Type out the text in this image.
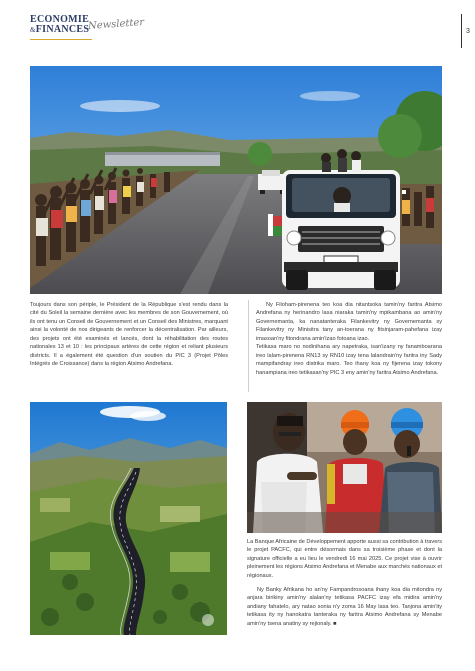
ECONOMIE
&FINANCES
Newsletter	3
Toujours dans son périple, le Président de la République s'est rendu dans la cité du Soleil la semaine dernière avec les membres de son Gouvernement, où ils ont tenu un Conseil de Gouvernement et un Conseil des Ministres, marquant ainsi la volonté de nos dirigeants de renforcer la décentralisation. Par ailleurs, des projets ont été examinés et lancés, dont la réhabilitation des routes nationales 13 et 10 : les principaux artères de cette région et reliant plusieurs districts. Il a également été question d'un soutien du PIC 3 (Projet Pôles Intégrés de Croissance) dans la région Atsimo Andrefana.
Ny Filoham-pirenena teo koa dia nitantsoka tamin'ny faritra Atsimo Andrefana ny herinandro lasa niaraka tamin'ny mpikambana ao amin'ny Governemanta, ka nanatanteraka Filankevitry ny Governemanta sy Filankevitry ny Minisitra tany an-toerana ny fitsinjaram-pahefana izay imasoan'ny fitondrana amin'izao fotoana izao.
Tetikasa maro no nodinihana ary napetraka, isan'izany ny fanamboarana ireo lalam-pirenena RN13 sy RN10 izay tena lalandrain'ny faritra iny Sady mampifandray ireo distrika maro. Teo ihany koa ny fijerena izay tokony hanampiana ireo tetikasan'ny PIC 3 eny amin'ny faritra Atsimo Andrefana.
La Banque Africaine de Développement apporte aussi sa contribution à travers le projet PACFC, qui entre désormais dans sa troisième phase et dont la signature officielle a eu lieu le vendredi 16 mai 2025. Ce projet vise à ouvrir pleinement les régions Atsimo Andrefana et Menabe aux marchés nationaux et régionaux.
Ny Banky Afrikana ho an'ny Fampandrosoana ihany koa dia mitondra ny anjara birikiny amin'ny alalan'ny tetikasa PACFC izay efa midira amin'ny andiany fahatelo, ary natao sonia n'y zoma 16 May lasa teo. Tanjona amin'ity tetikasa ity ny hanokatra tanteraka ny faritra Atsimo Andrefana sy Menabe amin'ny tsena anatiny sy rejionaly. ■
